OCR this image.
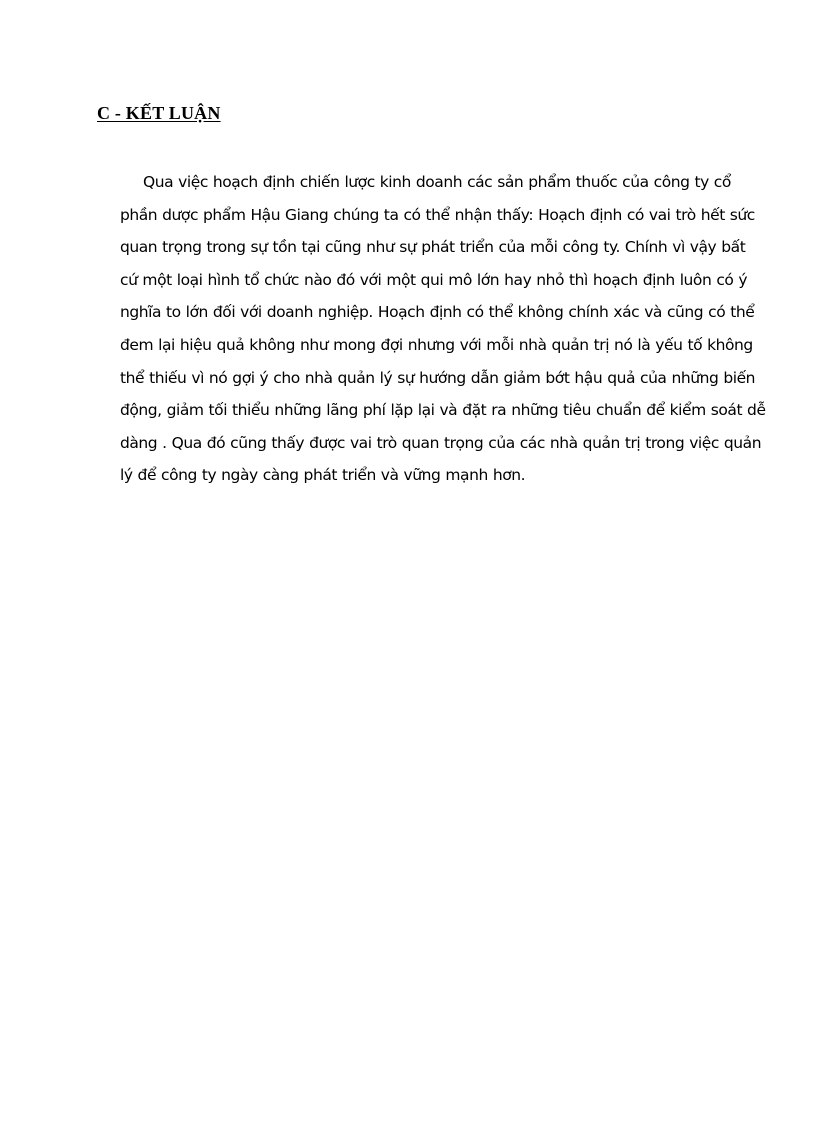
C - KẾT LUẬN
Qua việc hoạch định chiến lược kinh doanh các sản phẩm thuốc của công ty cổ
phần dược phẩm Hậu Giang chúng ta có thể nhận thấy: Hoạch định có vai trò hết sức
quan trọng trong sự tồn tại cũng như sự phát triển của mỗi công ty. Chính vì vậy bất
cứ một loại hình tổ chức nào đó với một qui mô lớn hay nhỏ thì hoạch định luôn có ý
nghĩa to lớn đối với doanh nghiệp. Hoạch định có thể không chính xác và cũng có thể
đem lại hiệu quả không như mong đợi nhưng với mỗi nhà quản trị nó là yếu tố không
thể thiếu vì nó gợi ý cho nhà quản lý sự hướng dẫn giảm bớt hậu quả của những biến
động, giảm tối thiểu những lãng phí lặp lại và đặt ra những tiêu chuẩn để kiểm soát dễ
dàng . Qua đó cũng thấy được vai trò quan trọng của các nhà quản trị trong việc quản
lý để công ty ngày càng phát triển và vững mạnh hơn.
